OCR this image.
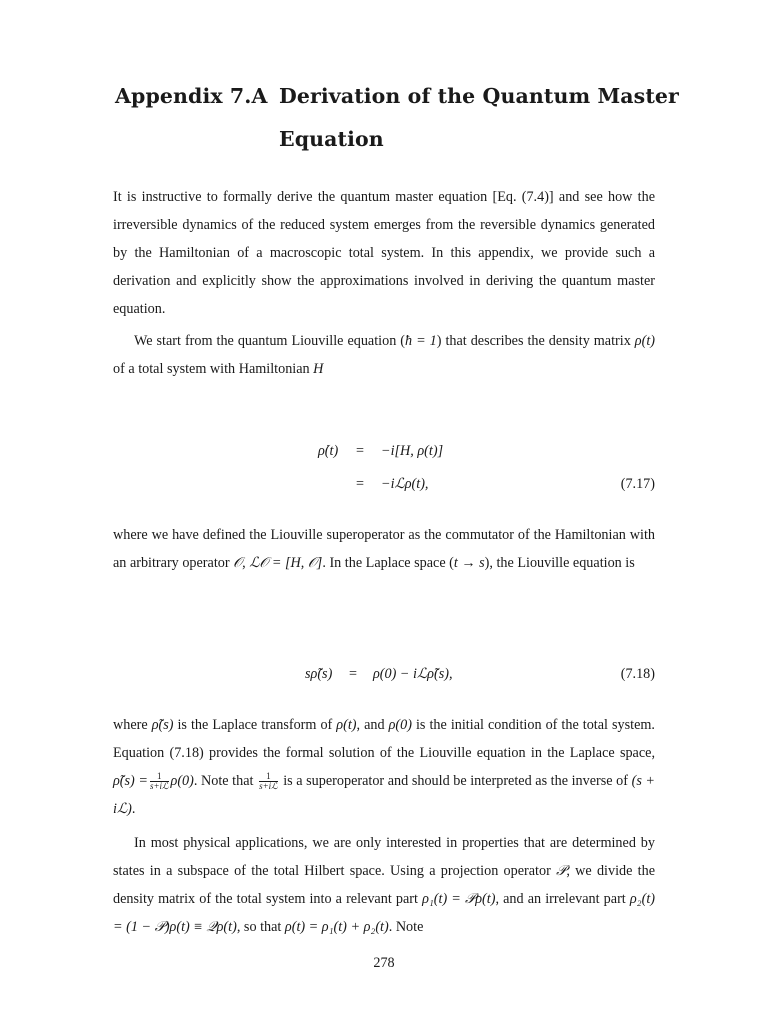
Appendix 7.A Derivation of the Quantum Master
Equation

It is instructive to formally derive the quantum master equation [Eq. (7.4)] and see how the irreversible dynamics of the reduced system emerges from the reversible dynamics generated by the Hamiltonian of a macroscopic total system. In this appendix, we provide such a derivation and explicitly show the approximations involved in deriving the quantum master equation.

We start from the quantum Liouville equation (ħ = 1) that describes the density matrix ρ(t) of a total system with Hamiltonian H

ρ̇(t) = −i[H, ρ(t)]
= −iℒρ(t),	(7.17)

where we have defined the Liouville superoperator as the commutator of the Hamiltonian with an arbitrary operator 𝒪, ℒ𝒪 = [H, 𝒪]. In the Laplace space (t → s), the Liouville equation is

sρ̃(s) = ρ(0) − iℒρ̃(s),	(7.18)

where ρ̃(s) is the Laplace transform of ρ(t), and ρ(0) is the initial condition of the total system. Equation (7.18) provides the formal solution of the Liouville equation in the Laplace space, ρ̃(s) = $\frac{1}{\text{s+iℒ}} \rho(0)$. Note that $\frac{1}{\text{s+iℒ}}$ is a superoperator and should be interpreted as the inverse of (s + iℒ).

In most physical applications, we are only interested in properties that are determined by states in a subspace of the total Hilbert space. Using a projection operator 𝒫, we divide the density matrix of the total system into a relevant part ρ₁(t) = 𝒫ρ(t), and an irrelevant part ρ₂(t) = (1 − 𝒫)ρ(t) ≡ 𝒬ρ(t), so that ρ(t) = ρ₁(t) + ρ₂(t). Note

278
